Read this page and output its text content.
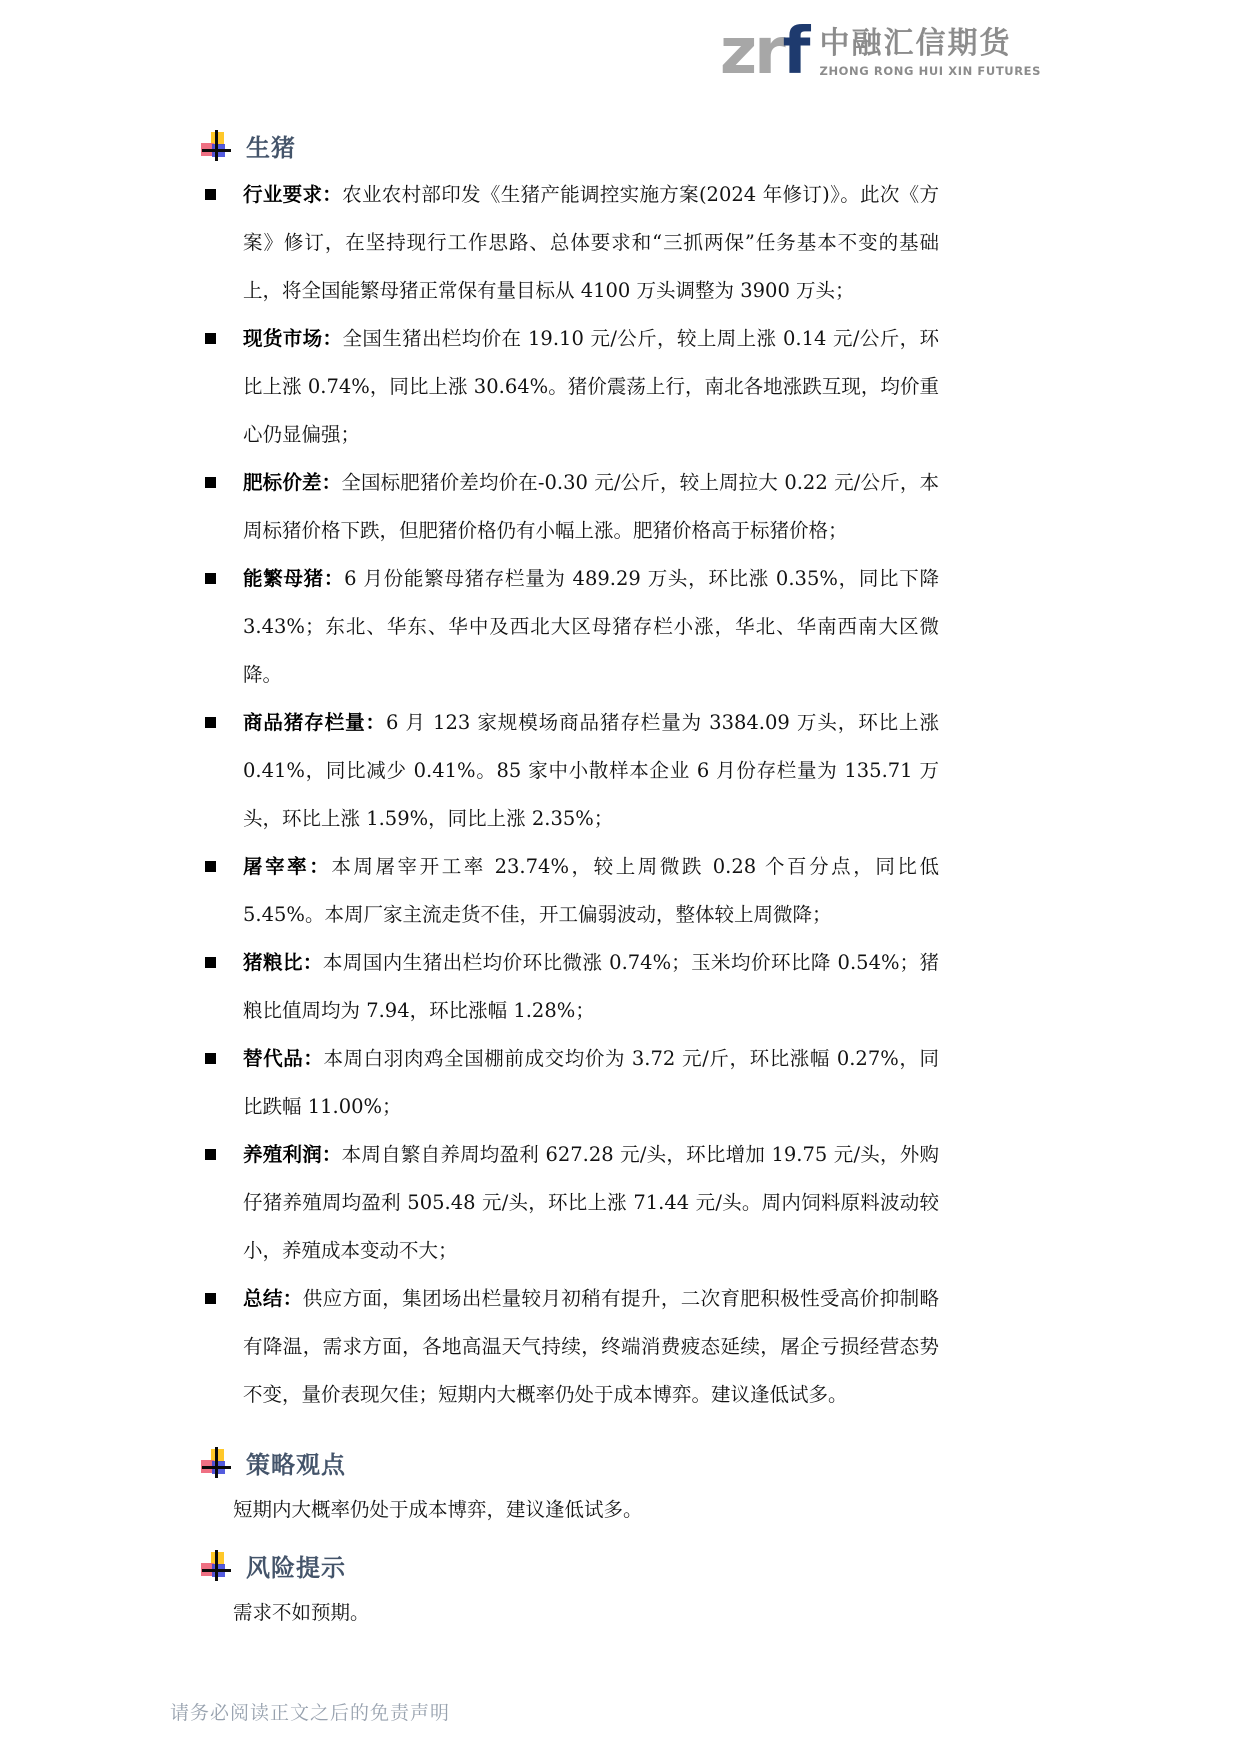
zrf 中融汇信期货
ZHONG RONG HUI XIN FUTURES
生猪
行业要求：农业农村部印发《生猪产能调控实施方案(2024 年修订)》。此次《方案》修订，在坚持现行工作思路、总体要求和“三抓两保”任务基本不变的基础上，将全国能繁母猪正常保有量目标从 4100 万头调整为 3900 万头；
现货市场：全国生猪出栏均价在 19.10 元/公斤，较上周上涨 0.14 元/公斤，环比上涨 0.74%，同比上涨 30.64%。猪价震荡上行，南北各地涨跌互现，均价重心仍显偏强；
肥标价差：全国标肥猪价差均价在-0.30 元/公斤，较上周拉大 0.22 元/公斤，本周标猪价格下跌，但肥猪价格仍有小幅上涨。肥猪价格高于标猪价格；
能繁母猪：6 月份能繁母猪存栏量为 489.29 万头，环比涨 0.35%，同比下降 3.43%；东北、华东、华中及西北大区母猪存栏小涨，华北、华南西南大区微降。
商品猪存栏量：6 月 123 家规模场商品猪存栏量为 3384.09 万头，环比上涨 0.41%，同比减少 0.41%。85 家中小散样本企业 6 月份存栏量为 135.71 万头，环比上涨 1.59%，同比上涨 2.35%；
屠宰率：本周屠宰开工率 23.74%，较上周微跌 0.28 个百分点，同比低 5.45%。本周厂家主流走货不佳，开工偏弱波动，整体较上周微降；
猪粮比：本周国内生猪出栏均价环比微涨 0.74%；玉米均价环比降 0.54%；猪粮比值周均为 7.94，环比涨幅 1.28%；
替代品：本周白羽肉鸡全国棚前成交均价为 3.72 元/斤，环比涨幅 0.27%，同比跌幅 11.00%；
养殖利润：本周自繁自养周均盈利 627.28 元/头，环比增加 19.75 元/头，外购仔猪养殖周均盈利 505.48 元/头，环比上涨 71.44 元/头。周内饲料原料波动较小，养殖成本变动不大；
总结：供应方面，集团场出栏量较月初稍有提升，二次育肥积极性受高价抑制略有降温，需求方面，各地高温天气持续，终端消费疲态延续，屠企亏损经营态势不变，量价表现欠佳；短期内大概率仍处于成本博弈。建议逢低试多。
策略观点

短期内大概率仍处于成本博弈，建议逢低试多。

风险提示

需求不如预期。

请务必阅读正文之后的免责声明
